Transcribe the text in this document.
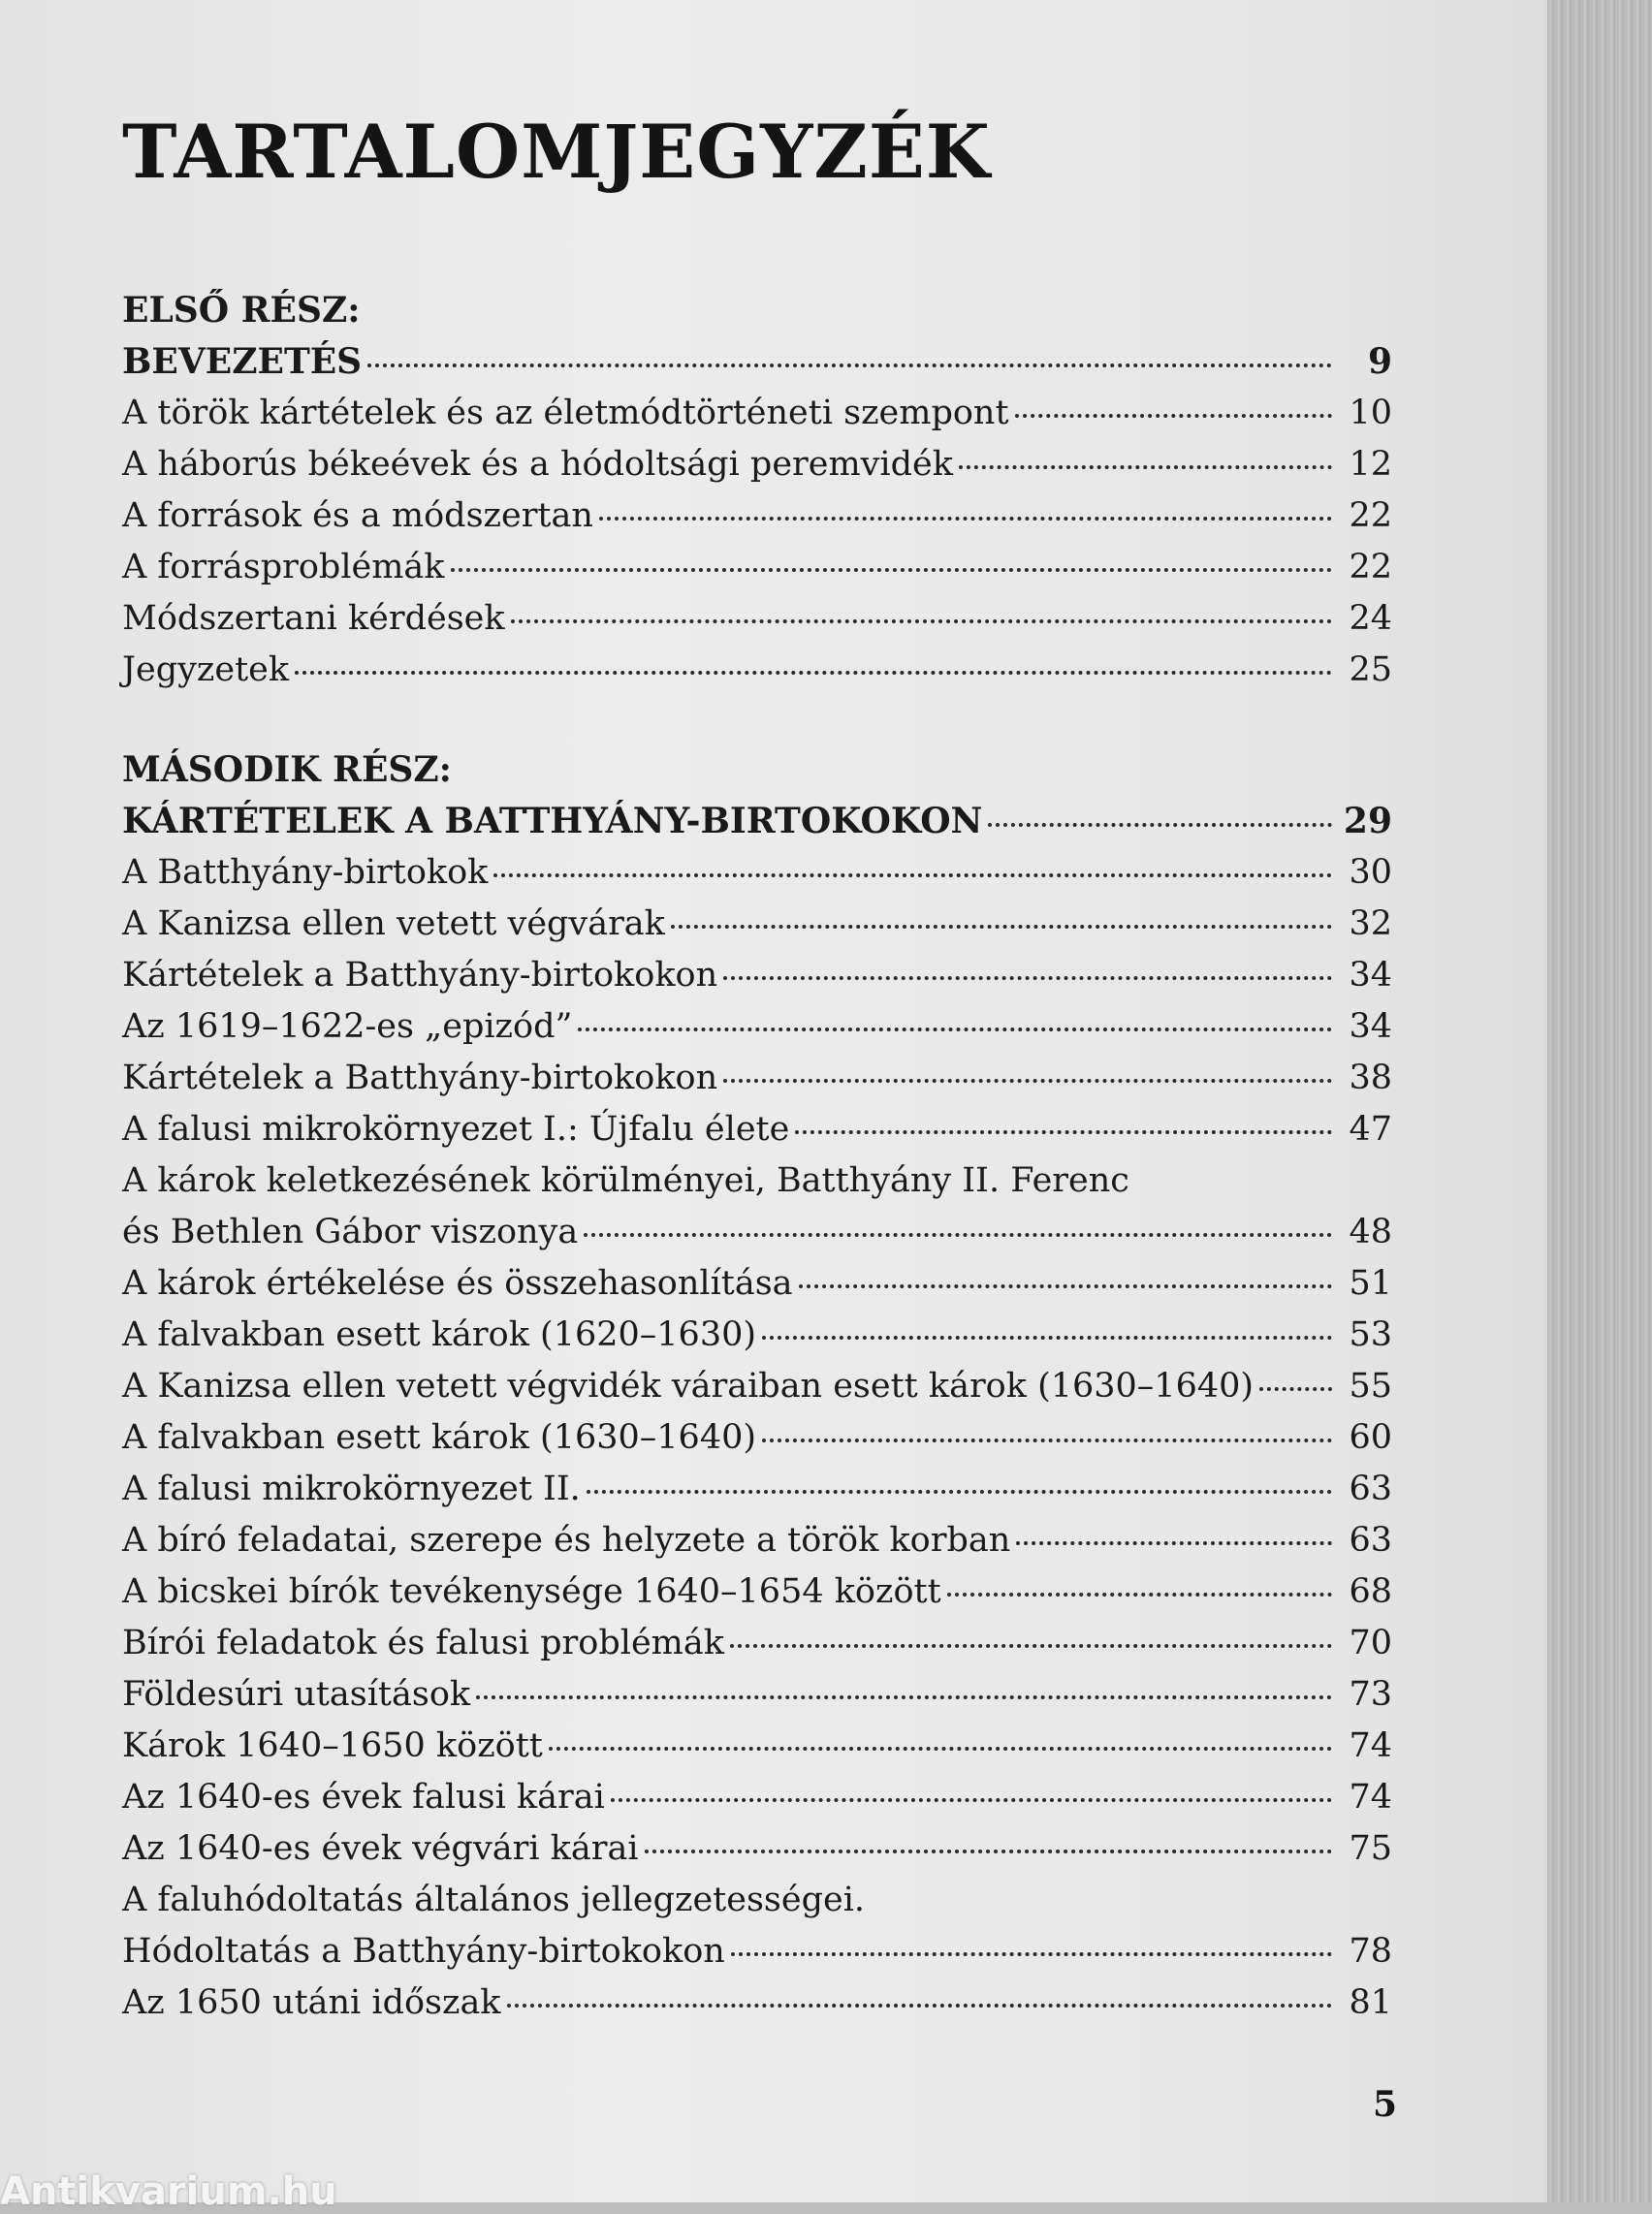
TARTALOMJEGYZÉK
ELSŐ RÉSZ:
BEVEZETÉS	9
A török kártételek és az életmódtörténeti szempont	10
A háborús békeévek és a hódoltsági peremvidék	12
A források és a módszertan	22
A forrásproblémák	22
Módszertani kérdések	24
Jegyzetek	25
MÁSODIK RÉSZ:
KÁRTÉTELEK A BATTHYÁNY-BIRTOKOKON	29
A Batthyány-birtokok	30
A Kanizsa ellen vetett végvárak	32
Kártételek a Batthyány-birtokokon	34
Az 1619–1622-es „epizód”	34
Kártételek a Batthyány-birtokokon	38
A falusi mikrokörnyezet I.: Újfalu élete	47
A károk keletkezésének körülményei, Batthyány II. Ferenc
és Bethlen Gábor viszonya	48
A károk értékelése és összehasonlítása	51
A falvakban esett károk (1620–1630)	53
A Kanizsa ellen vetett végvidék váraiban esett károk (1630–1640)	55
A falvakban esett károk (1630–1640)	60
A falusi mikrokörnyezet II.	63
A bíró feladatai, szerepe és helyzete a török korban	63
A bicskei bírók tevékenysége 1640–1654 között	68
Bírói feladatok és falusi problémák	70
Földesúri utasítások	73
Károk 1640–1650 között	74
Az 1640-es évek falusi kárai	74
Az 1640-es évek végvári kárai	75
A faluhódoltatás általános jellegzetességei.
Hódoltatás a Batthyány-birtokokon	78
Az 1650 utáni időszak	81
5
Antikvarium.hu
